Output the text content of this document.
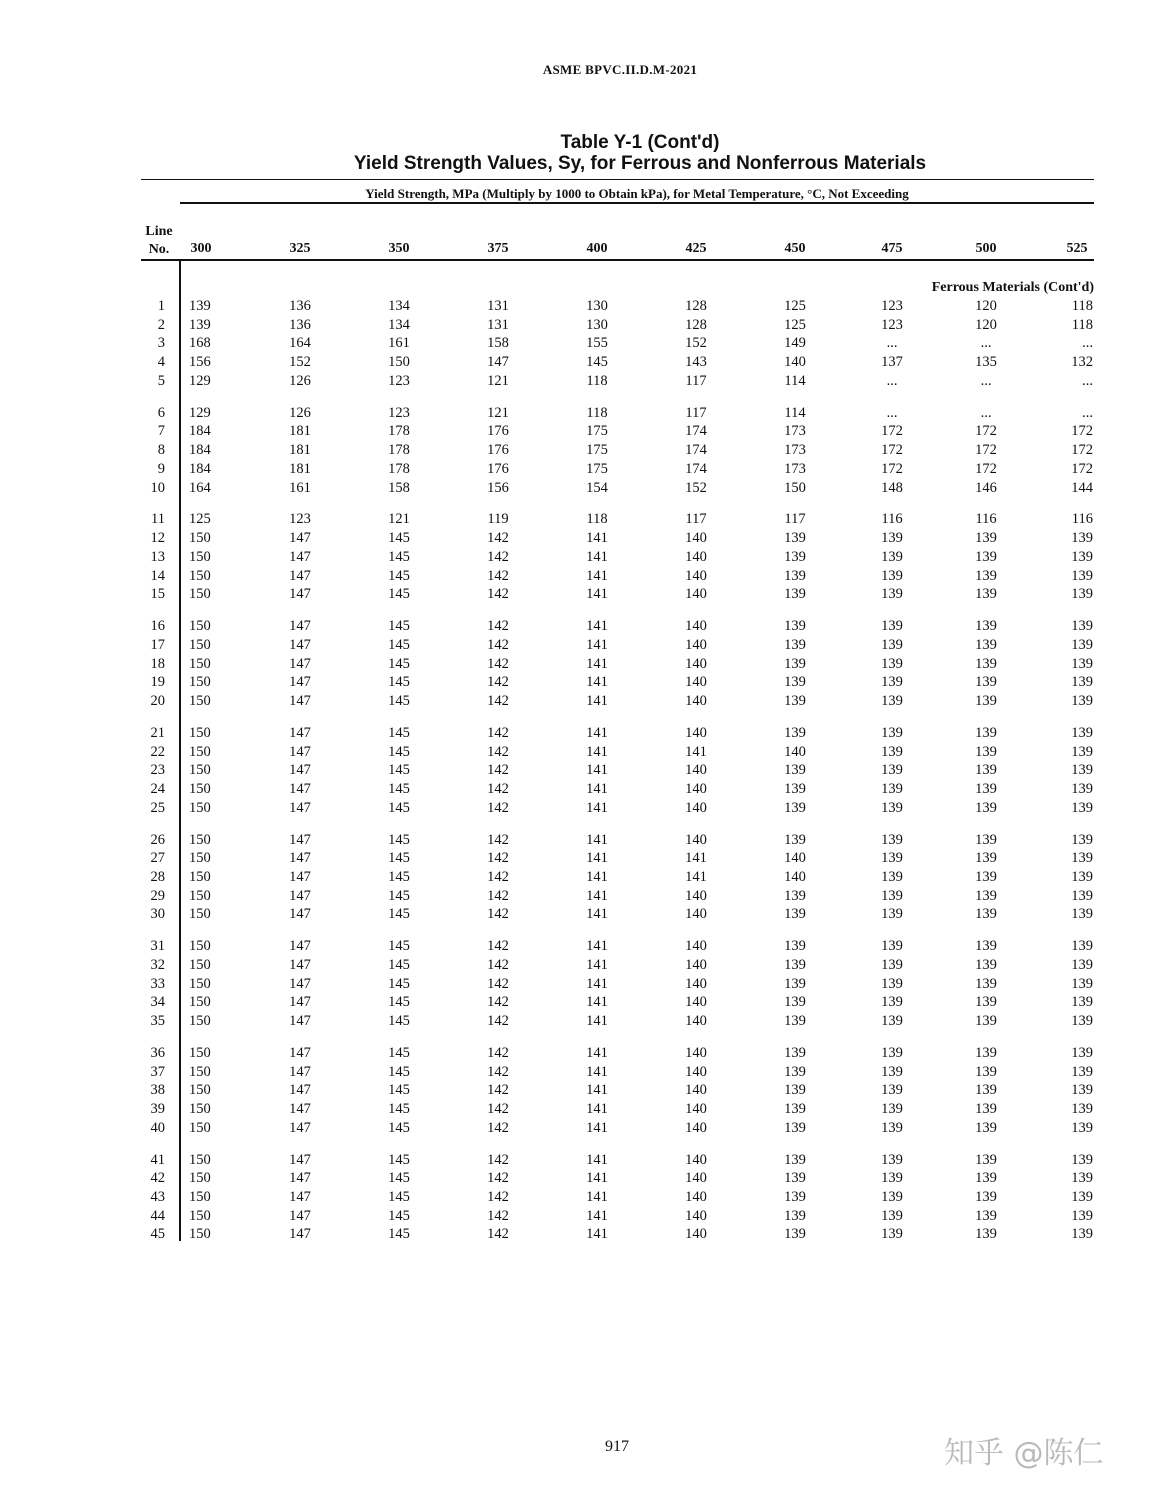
ASME BPVC.II.D.M-2021
Table Y-1 (Cont'd)
Yield Strength Values, Sy, for Ferrous and Nonferrous Materials
Yield Strength, MPa (Multiply by 1000 to Obtain kPa), for Metal Temperature, °C, Not Exceeding
Line
No.	300	325	350	375	400	425	450	475	500	525
Ferrous Materials (Cont'd)
1 139	136	134	131	130	128	125	123	120	118
2 139	136	134	131	130	128	125	123	120	118
3 168	164	161	158	155	152	149	...	...	...
4 156	152	150	147	145	143	140	137	135	132
5 129	126	123	121	118	117	114	...	...	...
6 129	126	123	121	118	117	114	...	...	...
7 184	181	178	176	175	174	173	172	172	172
8 184	181	178	176	175	174	173	172	172	172
9 184	181	178	176	175	174	173	172	172	172
10 164	161	158	156	154	152	150	148	146	144
11 125	123	121	119	118	117	117	116	116	116
12 150	147	145	142	141	140	139	139	139	139
13 150	147	145	142	141	140	139	139	139	139
14 150	147	145	142	141	140	139	139	139	139
15 150	147	145	142	141	140	139	139	139	139
16 150	147	145	142	141	140	139	139	139	139
17 150	147	145	142	141	140	139	139	139	139
18 150	147	145	142	141	140	139	139	139	139
19 150	147	145	142	141	140	139	139	139	139
20 150	147	145	142	141	140	139	139	139	139
21 150	147	145	142	141	140	139	139	139	139
22 150	147	145	142	141	141	140	139	139	139
23 150	147	145	142	141	140	139	139	139	139
24 150	147	145	142	141	140	139	139	139	139
25 150	147	145	142	141	140	139	139	139	139
26 150	147	145	142	141	140	139	139	139	139
27 150	147	145	142	141	141	140	139	139	139
28 150	147	145	142	141	141	140	139	139	139
29 150	147	145	142	141	140	139	139	139	139
30 150	147	145	142	141	140	139	139	139	139
31 150	147	145	142	141	140	139	139	139	139
32 150	147	145	142	141	140	139	139	139	139
33 150	147	145	142	141	140	139	139	139	139
34 150	147	145	142	141	140	139	139	139	139
35 150	147	145	142	141	140	139	139	139	139
36 150	147	145	142	141	140	139	139	139	139
37 150	147	145	142	141	140	139	139	139	139
38 150	147	145	142	141	140	139	139	139	139
39 150	147	145	142	141	140	139	139	139	139
40 150	147	145	142	141	140	139	139	139	139
41 150	147	145	142	141	140	139	139	139	139
42 150	147	145	142	141	140	139	139	139	139
43 150	147	145	142	141	140	139	139	139	139
44 150	147	145	142	141	140	139	139	139	139
45 150	147	145	142	141	140	139	139	139	139
917	知乎 @陈仁
